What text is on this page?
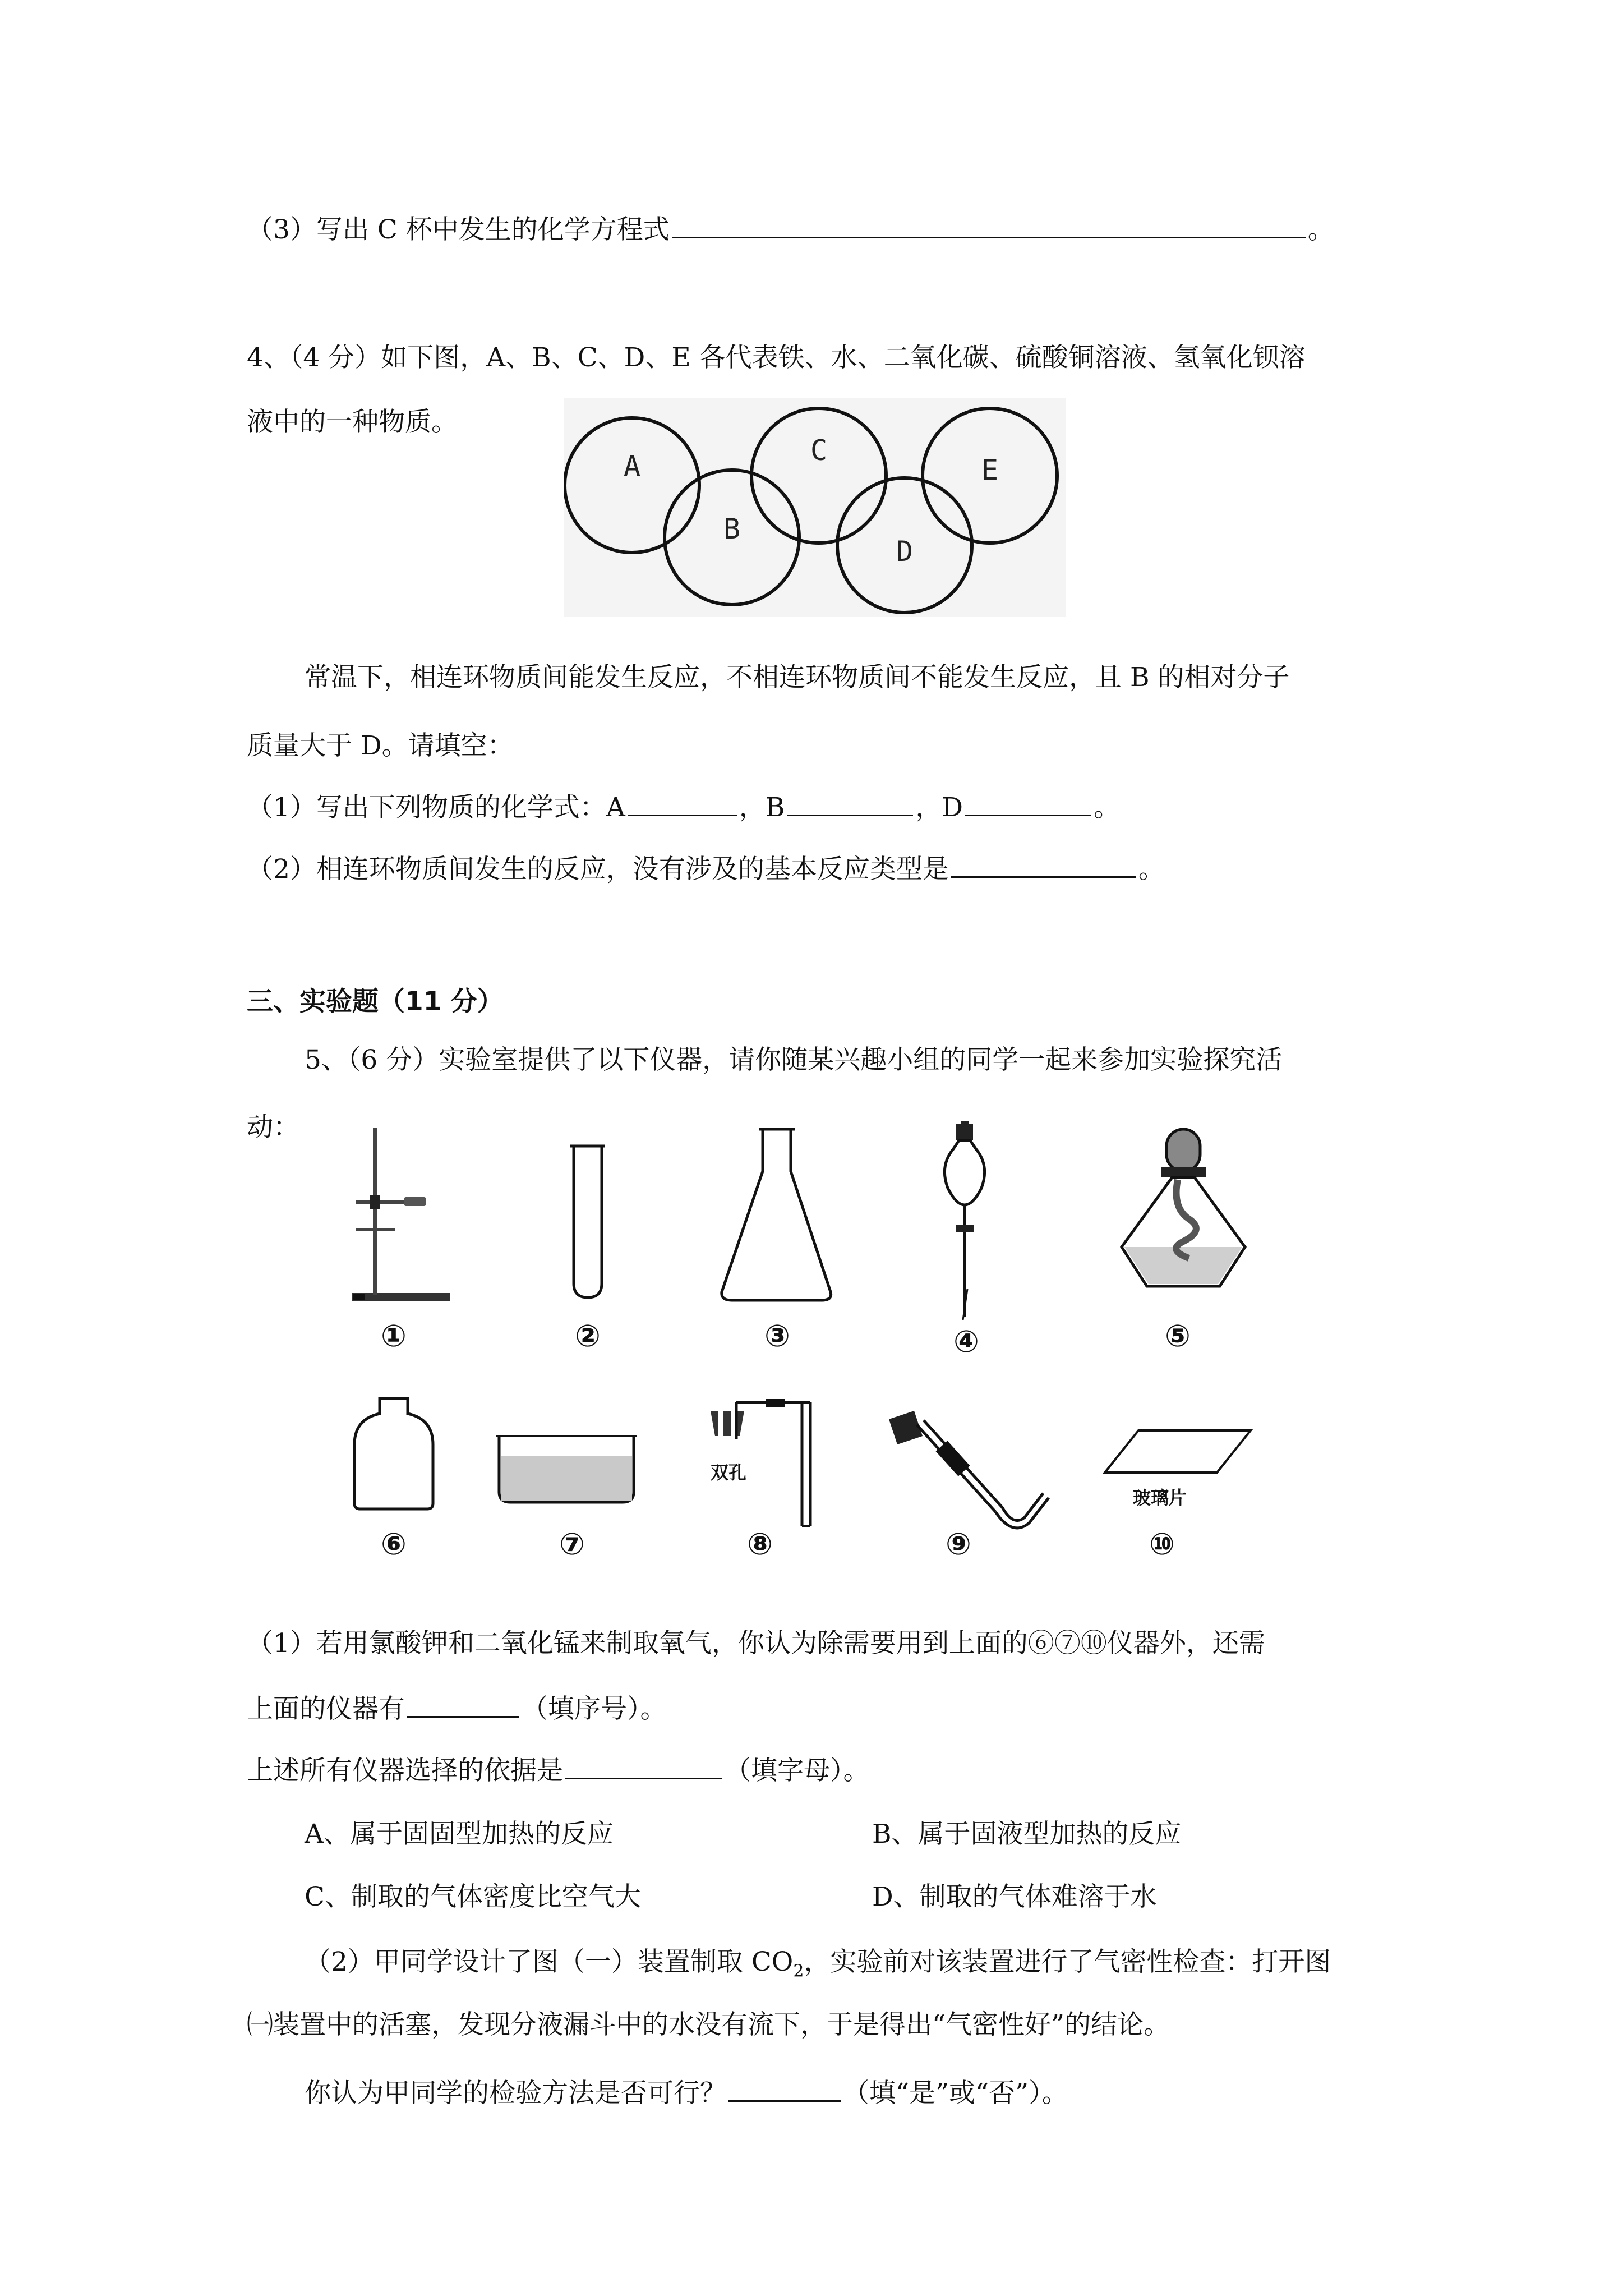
（3）写出 C 杯中发生的化学方程式	。
4、（4 分）如下图，A、B、C、D、E 各代表铁、水、二氧化碳、硫酸铜溶液、氢氧化钡溶
液中的一种物质。
A
B
C
D
E
常温下，相连环物质间能发生反应，不相连环物质间不能发生反应，且 B 的相对分子
质量大于 D。请填空：
（1）写出下列物质的化学式：A	，B	，D	。
（2）相连环物质间发生的反应，没有涉及的基本反应类型是	。
三、实验题（11 分）
5、（6 分）实验室提供了以下仪器，请你随某兴趣小组的同学一起来参加实验探究活
动：
①	②	③	④	⑤
双孔
玻璃片
⑥	⑦	⑧	⑨	⑩
（1）若用氯酸钾和二氧化锰来制取氧气，你认为除需要用到上面的⑥⑦⑩仪器外，还需
上面的仪器有	（填序号）。
上述所有仪器选择的依据是	（填字母）。
A、属于固固型加热的反应	B、属于固液型加热的反应
C、制取的气体密度比空气大	D、制取的气体难溶于水
（2）甲同学设计了图（一）装置制取 $CO_2$，实验前对该装置进行了气密性检查：打开图
㈠装置中的活塞，发现分液漏斗中的水没有流下，于是得出“气密性好”的结论。
你认为甲同学的检验方法是否可行？	（填“是”或“否”）。
